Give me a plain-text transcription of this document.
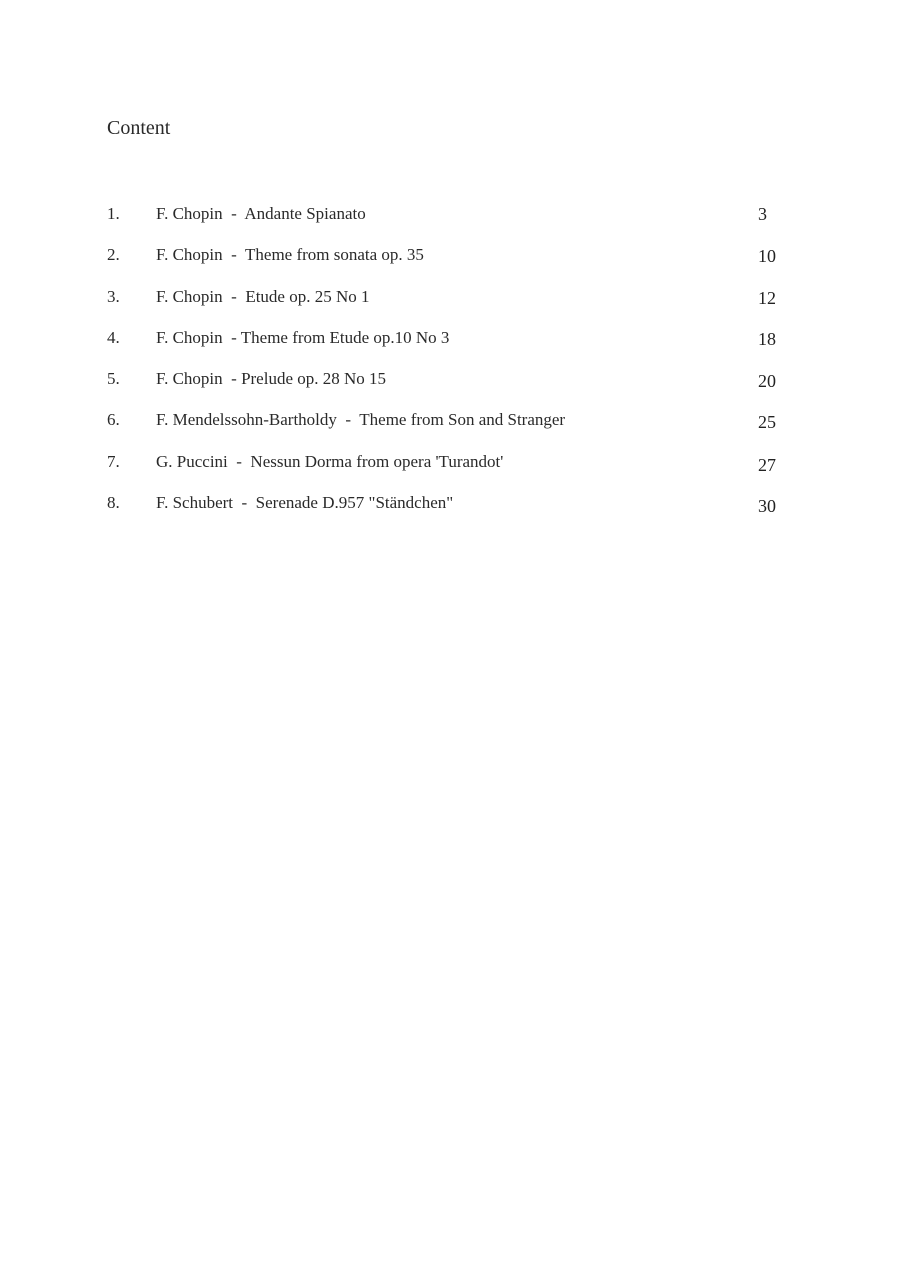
Content
1. F. Chopin  -  Andante Spianato	3
2. F. Chopin  -  Theme from sonata op. 35	10
3. F. Chopin  -  Etude op. 25 No 1	12
4. F. Chopin  - Theme from Etude op.10 No 3	18
5. F. Chopin  - Prelude op. 28 No 15	20
6. F. Mendelssohn-Bartholdy  -  Theme from Son and Stranger	25
7. G. Puccini  -  Nessun Dorma from opera 'Turandot'	27
8. F. Schubert  -  Serenade D.957 "Ständchen"	30
